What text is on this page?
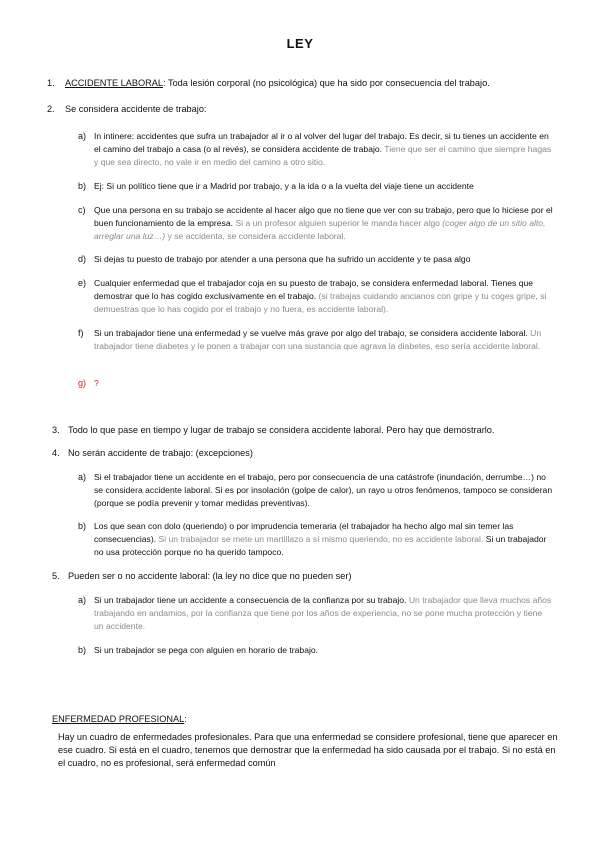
LEY
1. ACCIDENTE LABORAL: Toda lesión corporal (no psicológica) que ha sido por consecuencia del trabajo.
2. Se considera accidente de trabajo:
a) In intinere: accidentes que sufra un trabajador al ir o al volver del lugar del trabajo. Es decir, si tu tienes un accidente en el camino del trabajo a casa (o al revés), se considera accidente de trabajo. Tiene que ser el camino que siempre hagas y que sea directo, no vale ir en medio del camino a otro sitio.
b) Ej: Si un político tiene que ir a Madrid por trabajo, y a la ida o a la vuelta del viaje tiene un accidente
c) Que una persona en su trabajo se accidente al hacer algo que no tiene que ver con su trabajo, pero que lo hiciese por el buen funcionamiento de la empresa. Si a un profesor alguien superior le manda hacer algo (coger algo de un sitio alto, arreglar una luz…) y se accidenta, se considera accidente laboral.
d) Si dejas tu puesto de trabajo por atender a una persona que ha sufrido un accidente y te pasa algo
e) Cualquier enfermedad que el trabajador coja en su puesto de trabajo, se considera enfermedad laboral. Tienes que demostrar que lo has cogido exclusivamente en el trabajo. (si trabajas cuidando ancianos con gripe y tu coges gripe, si demuestras que lo has cogido por el trabajo y no fuera, es accidente laboral).
f) Si un trabajador tiene una enfermedad y se vuelve más grave por algo del trabajo, se considera accidente laboral. Un trabajador tiene diabetes y le ponen a trabajar con una sustancia que agrava la diabetes, eso sería accidente laboral.
g) ?
3. Todo lo que pase en tiempo y lugar de trabajo se considera accidente laboral. Pero hay que demostrarlo.
4. No serán accidente de trabajo: (excepciones)
a) Si el trabajador tiene un accidente en el trabajo, pero por consecuencia de una catástrofe (inundación, derrumbe…) no se considera accidente laboral. Si es por insolación (golpe de calor), un rayo u otros fenómenos, tampoco se consideran (porque se podía prevenir y tomar medidas preventivas).
b) Los que sean con dolo (queriendo) o por imprudencia temeraria (el trabajador ha hecho algo mal sin temer las consecuencias). Si un trabajador se mete un martillazo a sí mismo queriendo, no es accidente laboral. Si un trabajador no usa protección porque no ha querido tampoco.
5. Pueden ser o no accidente laboral: (la ley no dice que no pueden ser)
a) Si un trabajador tiene un accidente a consecuencia de la confianza por su trabajo. Un trabajador que lleva muchos años trabajando en andamios, por la confianza que tiene por los años de experiencia, no se pone mucha protección y tiene un accidente.
b) Si un trabajador se pega con alguien en horario de trabajo.
ENFERMEDAD PROFESIONAL:
Hay un cuadro de enfermedades profesionales. Para que una enfermedad se considere profesional, tiene que aparecer en ese cuadro. Si está en el cuadro, tenemos que demostrar que la enfermedad ha sido causada por el trabajo. Si no está en el cuadro, no es profesional, será enfermedad común
